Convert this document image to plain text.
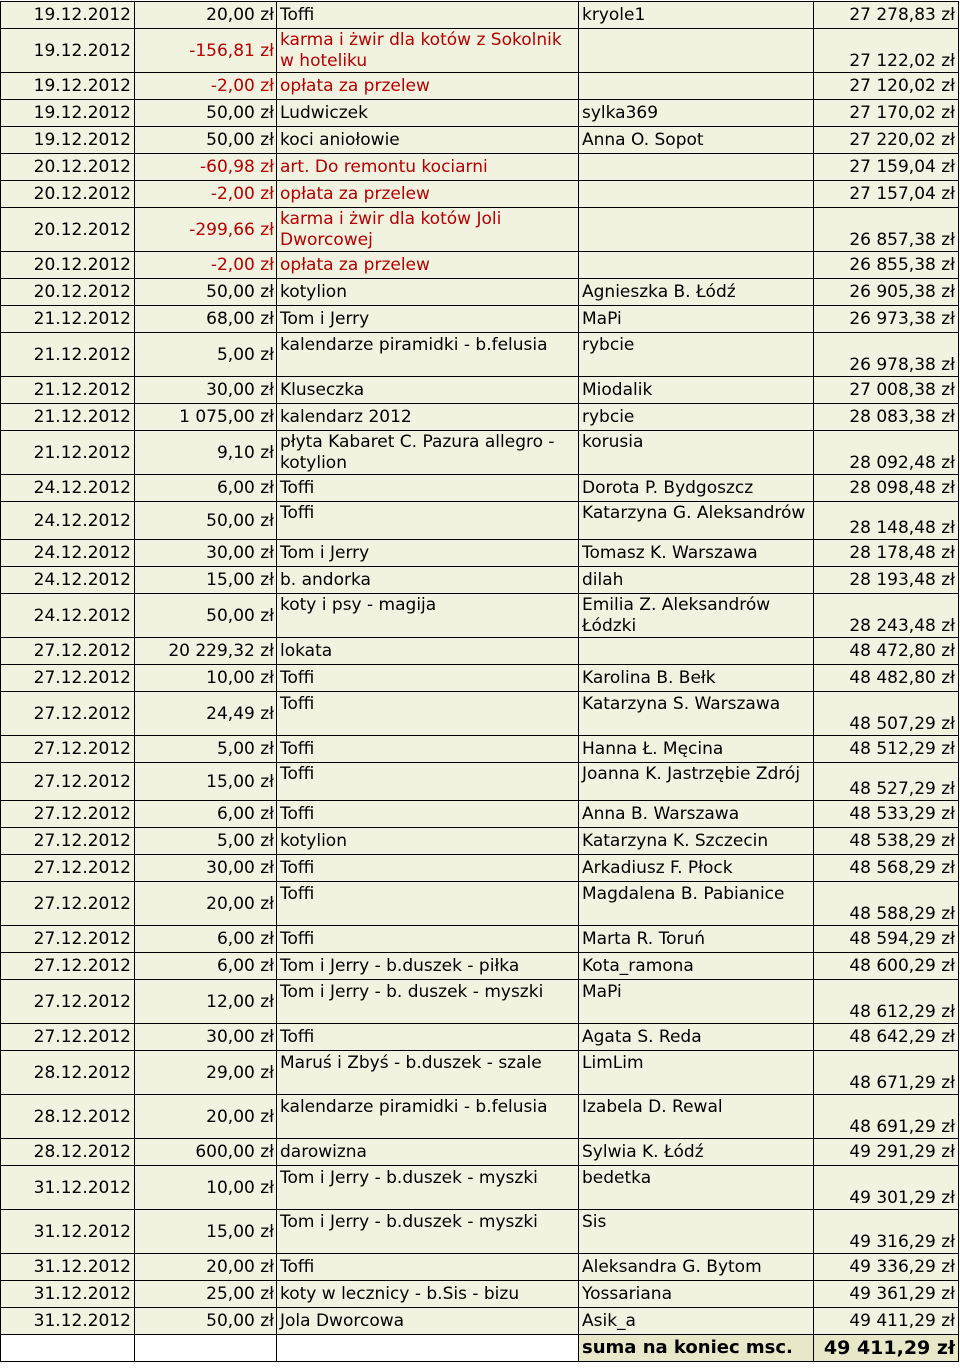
19.12.2012	20,00 zł	Toffi	kryole1	27 278,83 zł
19.12.2012	-156,81 zł	karma i żwir dla kotów z Sokolnik w hoteliku		27 122,02 zł
19.12.2012	-2,00 zł	opłata za przelew		27 120,02 zł
19.12.2012	50,00 zł	Ludwiczek	sylka369	27 170,02 zł
19.12.2012	50,00 zł	koci aniołowie	Anna O. Sopot	27 220,02 zł
20.12.2012	-60,98 zł	art. Do remontu kociarni		27 159,04 zł
20.12.2012	-2,00 zł	opłata za przelew		27 157,04 zł
20.12.2012	-299,66 zł	karma i żwir dla kotów Joli Dworcowej		26 857,38 zł
20.12.2012	-2,00 zł	opłata za przelew		26 855,38 zł
20.12.2012	50,00 zł	kotylion	Agnieszka B. Łódź	26 905,38 zł
21.12.2012	68,00 zł	Tom i Jerry	MaPi	26 973,38 zł
21.12.2012	5,00 zł	kalendarze piramidki - b.felusia	rybcie	26 978,38 zł
21.12.2012	30,00 zł	Kluseczka	Miodalik	27 008,38 zł
21.12.2012	1 075,00 zł	kalendarz 2012	rybcie	28 083,38 zł
21.12.2012	9,10 zł	płyta Kabaret C. Pazura allegro - kotylion	korusia	28 092,48 zł
24.12.2012	6,00 zł	Toffi	Dorota P. Bydgoszcz	28 098,48 zł
24.12.2012	50,00 zł	Toffi	Katarzyna G. Aleksandrów	28 148,48 zł
24.12.2012	30,00 zł	Tom i Jerry	Tomasz K. Warszawa	28 178,48 zł
24.12.2012	15,00 zł	b. andorka	dilah	28 193,48 zł
24.12.2012	50,00 zł	koty i psy - magija	Emilia Z. Aleksandrów Łódzki	28 243,48 zł
27.12.2012	20 229,32 zł	lokata		48 472,80 zł
27.12.2012	10,00 zł	Toffi	Karolina B. Bełk	48 482,80 zł
27.12.2012	24,49 zł	Toffi	Katarzyna S. Warszawa	48 507,29 zł
27.12.2012	5,00 zł	Toffi	Hanna Ł. Męcina	48 512,29 zł
27.12.2012	15,00 zł	Toffi	Joanna K. Jastrzębie Zdrój	48 527,29 zł
27.12.2012	6,00 zł	Toffi	Anna B. Warszawa	48 533,29 zł
27.12.2012	5,00 zł	kotylion	Katarzyna K. Szczecin	48 538,29 zł
27.12.2012	30,00 zł	Toffi	Arkadiusz F. Płock	48 568,29 zł
27.12.2012	20,00 zł	Toffi	Magdalena B. Pabianice	48 588,29 zł
27.12.2012	6,00 zł	Toffi	Marta R. Toruń	48 594,29 zł
27.12.2012	6,00 zł	Tom i Jerry - b.duszek - piłka	Kota_ramona	48 600,29 zł
27.12.2012	12,00 zł	Tom i Jerry - b. duszek - myszki	MaPi	48 612,29 zł
27.12.2012	30,00 zł	Toffi	Agata S. Reda	48 642,29 zł
28.12.2012	29,00 zł	Maruś i Zbyś - b.duszek - szale	LimLim	48 671,29 zł
28.12.2012	20,00 zł	kalendarze piramidki - b.felusia	Izabela D. Rewal	48 691,29 zł
28.12.2012	600,00 zł	darowizna	Sylwia K. Łódź	49 291,29 zł
31.12.2012	10,00 zł	Tom i Jerry - b.duszek - myszki	bedetka	49 301,29 zł
31.12.2012	15,00 zł	Tom i Jerry - b.duszek - myszki	Sis	49 316,29 zł
31.12.2012	20,00 zł	Toffi	Aleksandra G. Bytom	49 336,29 zł
31.12.2012	25,00 zł	koty w lecznicy - b.Sis - bizu	Yossariana	49 361,29 zł
31.12.2012	50,00 zł	Jola Dworcowa	Asik_a	49 411,29 zł
			suma na koniec msc.	49 411,29 zł
